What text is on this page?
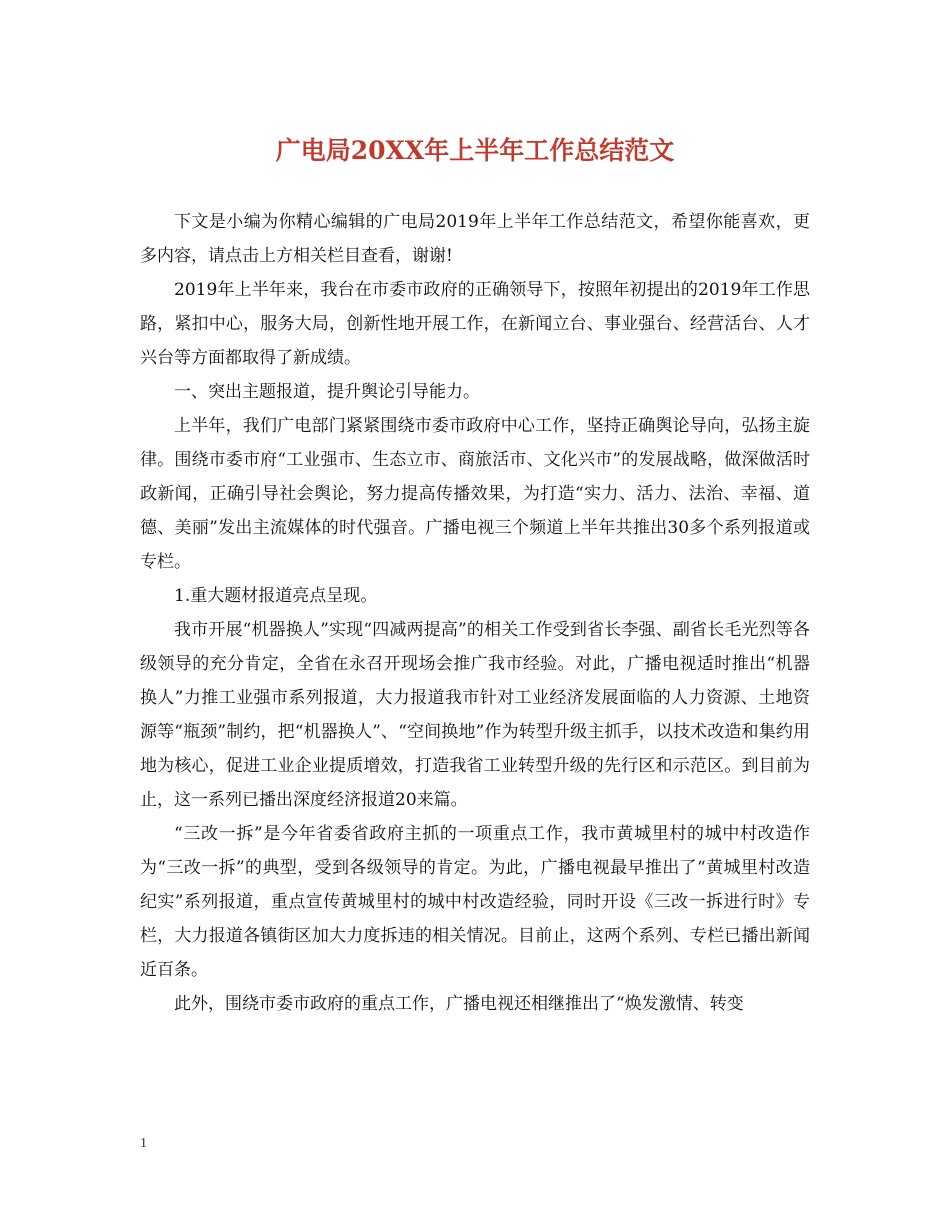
广电局20XX年上半年工作总结范文

下文是小编为你精心编辑的广电局2019年上半年工作总结范文，希望你能喜欢，更多内容，请点击上方相关栏目查看，谢谢!

2019年上半年来，我台在市委市政府的正确领导下，按照年初提出的2019年工作思路，紧扣中心，服务大局，创新性地开展工作，在新闻立台、事业强台、经营活台、人才兴台等方面都取得了新成绩。

一、突出主题报道，提升舆论引导能力。

上半年，我们广电部门紧紧围绕市委市政府中心工作，坚持正确舆论导向，弘扬主旋律。围绕市委市府“工业强市、生态立市、商旅活市、文化兴市”的发展战略，做深做活时政新闻，正确引导社会舆论，努力提高传播效果，为打造“实力、活力、法治、幸福、道德、美丽”发出主流媒体的时代强音。广播电视三个频道上半年共推出30多个系列报道或专栏。

1.重大题材报道亮点呈现。

我市开展“机器换人”实现“四减两提高”的相关工作受到省长李强、副省长毛光烈等各级领导的充分肯定，全省在永召开现场会推广我市经验。对此，广播电视适时推出“机器换人”力推工业强市系列报道，大力报道我市针对工业经济发展面临的人力资源、土地资源等“瓶颈”制约，把“机器换人”、“空间换地”作为转型升级主抓手，以技术改造和集约用地为核心，促进工业企业提质增效，打造我省工业转型升级的先行区和示范区。到目前为止，这一系列已播出深度经济报道20来篇。

“三改一拆”是今年省委省政府主抓的一项重点工作，我市黄城里村的城中村改造作为“三改一拆”的典型，受到各级领导的肯定。为此，广播电视最早推出了“黄城里村改造纪实”系列报道，重点宣传黄城里村的城中村改造经验，同时开设《三改一拆进行时》专栏，大力报道各镇街区加大力度拆违的相关情况。目前止，这两个系列、专栏已播出新闻近百条。

此外，围绕市委市政府的重点工作，广播电视还相继推出了“焕发激情、转变

1
